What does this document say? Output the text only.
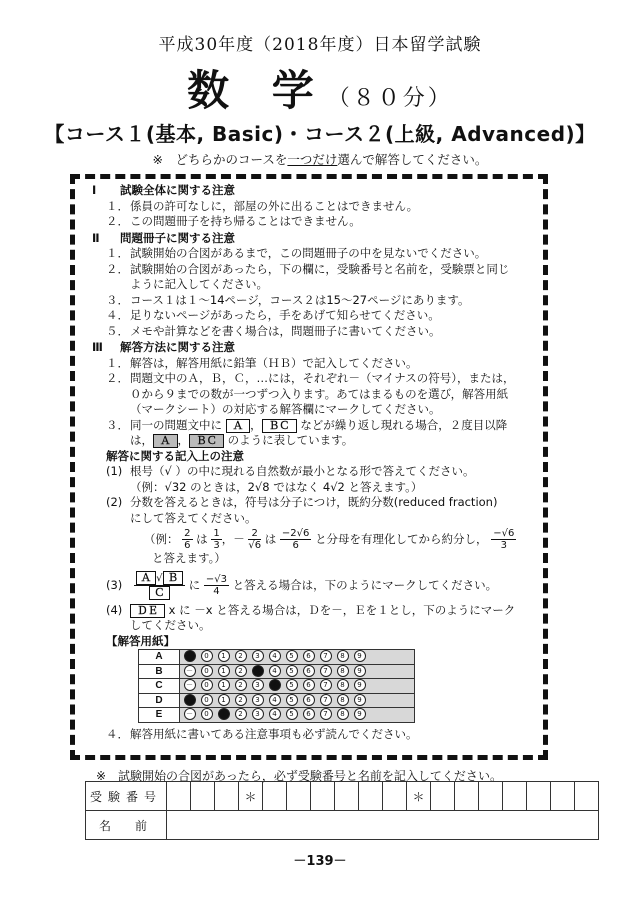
平成30年度（2018年度）日本留学試験
数 学（８０分）
【コース１(基本, Basic)・コース２(上級, Advanced)】
※　どちらかのコースを一つだけ選んで解答してください。
Ⅰ 試験全体に関する注意
１．係員の許可なしに，部屋の外に出ることはできません。
２．この問題冊子を持ち帰ることはできません。
Ⅱ 問題冊子に関する注意
１．試験開始の合図があるまで，この問題冊子の中を見ないでください。
２．試験開始の合図があったら，下の欄に，受験番号と名前を，受験票と同じ
ように記入してください。
３．コース１は１～14ページ，コース２は15～27ページにあります。
４．足りないページがあったら，手をあげて知らせてください。
５．メモや計算などを書く場合は，問題冊子に書いてください。
Ⅲ 解答方法に関する注意
１．解答は，解答用紙に鉛筆（ＨＢ）で記入してください。
２．問題文中のＡ，Ｂ，Ｃ，…には，それぞれ－（マイナスの符号），または，
０から９までの数が一つずつ入ります。あてはまるものを選び，解答用紙
（マークシート）の対応する解答欄にマークしてください。
３．同一の問題文中に Ａ ， ＢＣ などが繰り返し現れる場合，２度目以降
は， Ａ ， ＢＣ のように表しています。
解答に関する記入上の注意
(1) 根号（√ ）の中に現れる自然数が最小となる形で答えてください。
（例：√32 のときは，2√8 ではなく 4√2 と答えます。）
(2) 分数を答えるときは，符号は分子につけ，既約分数(reduced fraction)
にして答えてください。
（例： $\frac{2}{6}$ は $\frac{1}{3}$ ，－ $\frac{2}{√6}$ は $\frac{-2√6}{6}$ と分母を有理化してから約分し， $\frac{-√6}{3}$
と答えます。）
$(3) \frac{\text{Ａ √ Ｂ}}{\text{Ｃ}}$ に $\frac{-√3}{4}$ と答える場合は，下のようにマークしてください。
(4) ＤＥ x に －x と答える場合は，Ｄを－，Ｅを１とし，下のようにマーク
してください。
【解答用紙】
A	－ 0 1 2 3 4 5 6 7 8 9
B	－ 0 1 2 3 4 5 6 7 8 9
C	－ 0 1 2 3 4 5 6 7 8 9
D	－ 0 1 2 3 4 5 6 7 8 9
E	－ 0 1 2 3 4 5 6 7 8 9
４．解答用紙に書いてある注意事項も必ず読んでください。
※　試験開始の合図があったら，必ず受験番号と名前を記入してください。
受験番号				＊							＊							
名　前																		
－139－
